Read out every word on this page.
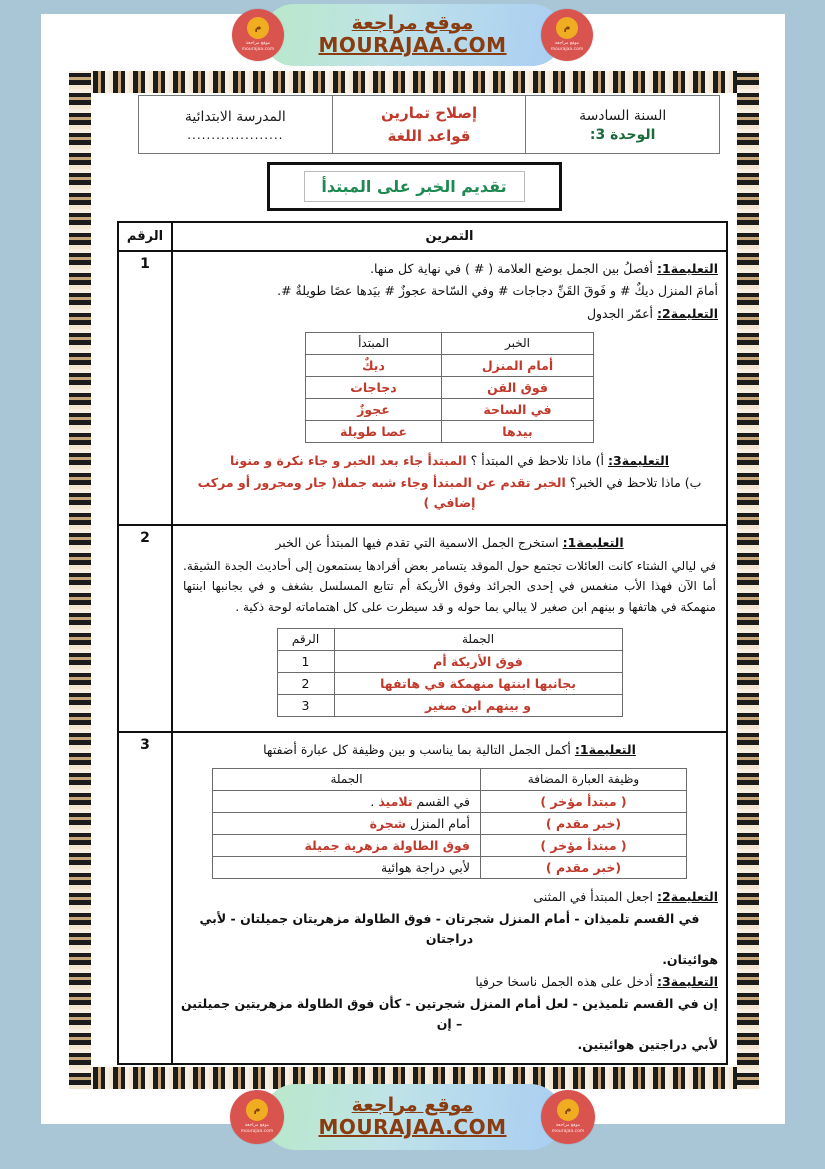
م
موقع مراجعة
mourajaa.com
موقع مراجعة
MOURAJAA.COM
م
موقع مراجعة
mourajaa.com
السنة السادسة
الوحدة 3:

إصلاح تمارين
قواعد اللغة

المدرسة الابتدائية
....................
تقديم الخبر على المبتدأ
التمرين

الرقم

التعليمة1: أفصلُ بين الجمل بوضع العلامة ( # ) في نهاية كل منها.
أمامَ المنزل ديكٌ # و فَوقَ القَنِّ دجاجات # وفي السّاحة عجوزٌ # بيَدها عصًا طويلةٌ #.
التعليمة2: أعمّر الجدول
الخبر	المبتدأ
أمام المنزل	ديكٌ
فوق القن	دجاجات
في الساحة	عجوزٌ
بيدها	عصا طويلة
التعليمة3: أ) ماذا تلاحظ في المبتدأ ؟ المبتدأ جاء بعد الخبر و جاء نكرة و منونا
ب) ماذا تلاحظ في الخبر؟ الخبر تقدم عن المبتدأ وجاء شبه جملة( جار ومجرور أو مركب إضافي )
	1

التعليمة1: استخرج الجمل الاسمية التي تقدم فيها المبتدأ عن الخبر
في ليالي الشتاء كانت العائلات تجتمع حول الموقد يتسامر بعض أفرادها يستمعون إلى أحاديث الجدة الشيقة. أما الآن فهذا الأب منغمس في إحدى الجرائد وفوق الأريكة أم تتابع المسلسل بشغف و في بجانبها ابنتها منهمكة في هاتفها و بينهم ابن صغير لا يبالي بما حوله و قد سيطرت على كل اهتماماته لوحة ذكية .
الجملة	الرقم
فوق الأريكة أم	1
بجانبها ابنتها منهمكة في هاتفها	2
و بينهم ابن صغير	3
	2

التعليمة1: أكمل الجمل التالية بما يناسب و بين وظيفة كل عبارة أضفتها
وظيفة العبارة المضافة	الجملة
( مبتدأ مؤخر )	في القسم تلاميذ .
(خبر مقدم )	أمام المنزل شجرة
( مبتدأ مؤخر )	فوق الطاولة مزهرية جميلة
(خبر مقدم )	لأبي دراجة هوائية
التعليمة2: اجعل المبتدأ في المثنى
في القسم تلميذان - أمام المنزل شجرتان - فوق الطاولة مزهريتان جميلتان - لأبي دراجتان
هوائيتان.
التعليمة3: أدخل على هذه الجمل ناسخا حرفيا
إن في القسم تلميذين - لعل أمام المنزل شجرتين - كأن فوق الطاولة مزهريتين جميلتين – إن
لأبي دراجتين هوائيتين.
	3
م
موقع مراجعة
mourajaa.com
موقع مراجعة
MOURAJAA.COM
م
موقع مراجعة
mourajaa.com
